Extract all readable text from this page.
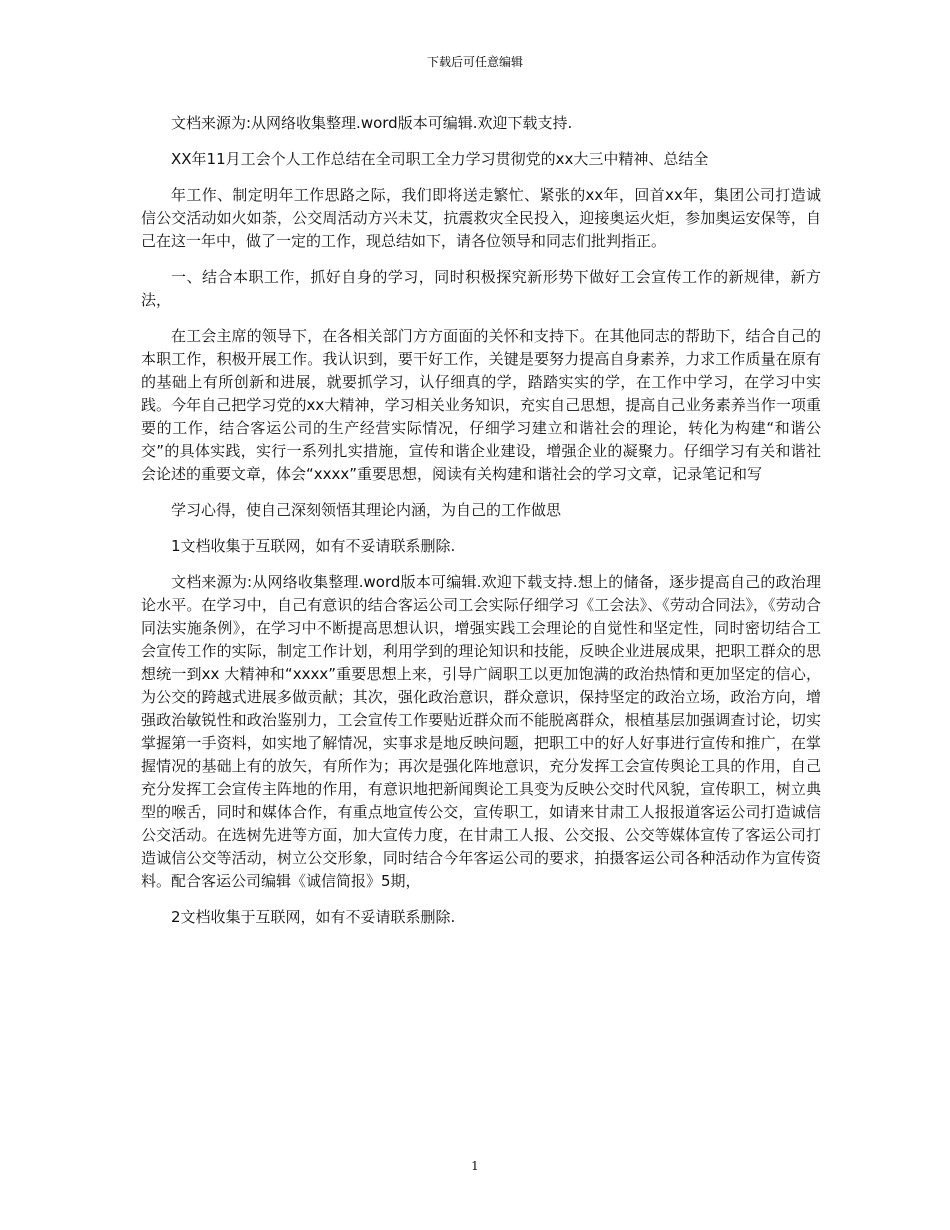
下载后可任意编辑

文档来源为:从网络收集整理.word版本可编辑.欢迎下载支持.

XX年11月工会个人工作总结在全司职工全力学习贯彻党的xx大三中精神、总结全

年工作、制定明年工作思路之际，我们即将送走繁忙、紧张的xx年，回首xx年，集团公司打造诚信公交活动如火如荼，公交周活动方兴未艾，抗震救灾全民投入，迎接奥运火炬，参加奥运安保等，自己在这一年中，做了一定的工作，现总结如下，请各位领导和同志们批判指正。

一、结合本职工作，抓好自身的学习，同时积极探究新形势下做好工会宣传工作的新规律，新方法，

在工会主席的领导下，在各相关部门方方面面的关怀和支持下。在其他同志的帮助下，结合自己的本职工作，积极开展工作。我认识到，要干好工作，关键是要努力提高自身素养，力求工作质量在原有的基础上有所创新和进展，就要抓学习，认仔细真的学，踏踏实实的学，在工作中学习，在学习中实践。今年自己把学习党的xx大精神，学习相关业务知识，充实自己思想，提高自己业务素养当作一项重要的工作，结合客运公司的生产经营实际情况，仔细学习建立和谐社会的理论，转化为构建“和谐公交”的具体实践，实行一系列扎实措施，宣传和谐企业建设，增强企业的凝聚力。仔细学习有关和谐社会论述的重要文章，体会“xxxx”重要思想，阅读有关构建和谐社会的学习文章，记录笔记和写

学习心得，使自己深刻领悟其理论内涵，为自己的工作做思

1文档收集于互联网，如有不妥请联系删除.

文档来源为:从网络收集整理.word版本可编辑.欢迎下载支持.想上的储备，逐步提高自己的政治理论水平。在学习中，自己有意识的结合客运公司工会实际仔细学习《工会法》、《劳动合同法》，《劳动合同法实施条例》，在学习中不断提高思想认识，增强实践工会理论的自觉性和坚定性，同时密切结合工会宣传工作的实际，制定工作计划，利用学到的理论知识和技能，反映企业进展成果，把职工群众的思想统一到xx 大精神和“xxxx”重要思想上来，引导广阔职工以更加饱满的政治热情和更加坚定的信心，为公交的跨越式进展多做贡献；其次，强化政治意识，群众意识，保持坚定的政治立场，政治方向，增强政治敏锐性和政治鉴别力，工会宣传工作要贴近群众而不能脱离群众，根植基层加强调查讨论，切实掌握第一手资料，如实地了解情况，实事求是地反映问题，把职工中的好人好事进行宣传和推广，在掌握情况的基础上有的放矢，有所作为；再次是强化阵地意识，充分发挥工会宣传舆论工具的作用，自己充分发挥工会宣传主阵地的作用，有意识地把新闻舆论工具变为反映公交时代风貌，宣传职工，树立典型的喉舌，同时和媒体合作，有重点地宣传公交，宣传职工，如请来甘肃工人报报道客运公司打造诚信公交活动。在选树先进等方面，加大宣传力度，在甘肃工人报、公交报、公交等媒体宣传了客运公司打造诚信公交等活动，树立公交形象，同时结合今年客运公司的要求，拍摄客运公司各种活动作为宣传资料。配合客运公司编辑《诚信简报》5期，

2文档收集于互联网，如有不妥请联系删除.

1
